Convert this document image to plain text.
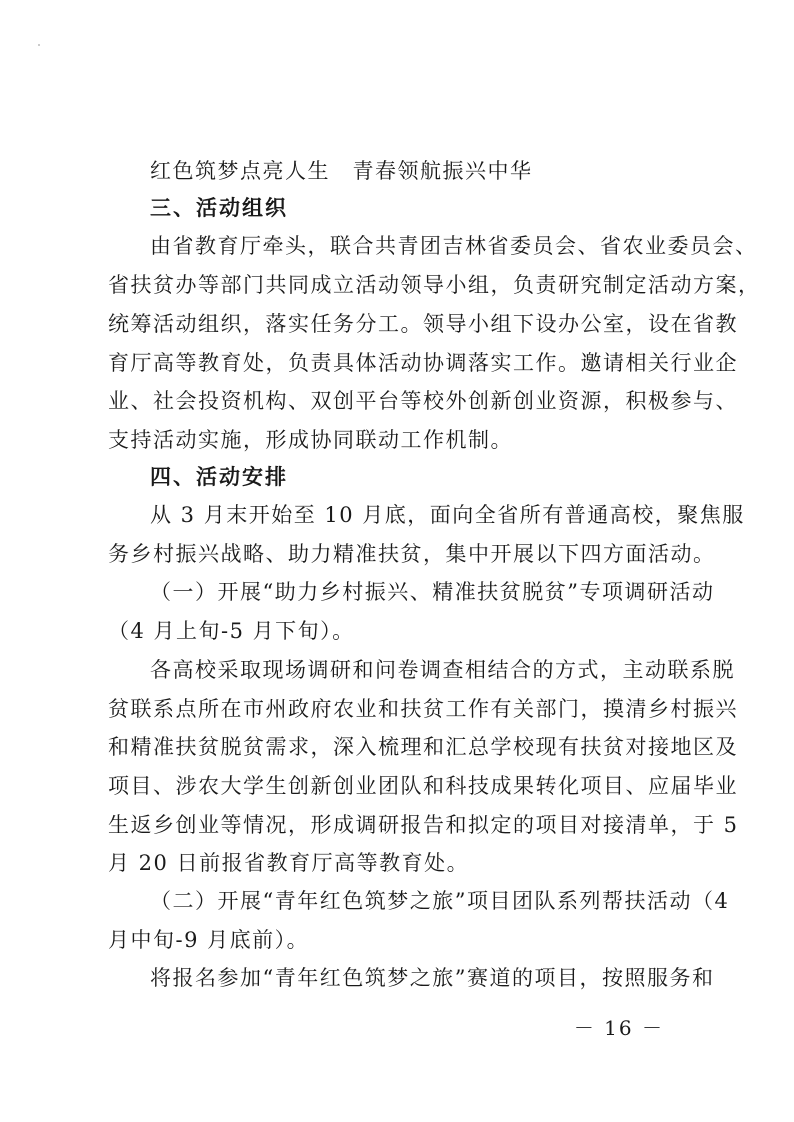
红色筑梦点亮人生　青春领航振兴中华
三、活动组织
由省教育厅牵头，联合共青团吉林省委员会、省农业委员会、
省扶贫办等部门共同成立活动领导小组，负责研究制定活动方案，
统筹活动组织，落实任务分工。领导小组下设办公室，设在省教
育厅高等教育处，负责具体活动协调落实工作。邀请相关行业企
业、社会投资机构、双创平台等校外创新创业资源，积极参与、
支持活动实施，形成协同联动工作机制。
四、活动安排
从 3 月末开始至 10 月底，面向全省所有普通高校，聚焦服
务乡村振兴战略、助力精准扶贫，集中开展以下四方面活动。
（一）开展“助力乡村振兴、精准扶贫脱贫”专项调研活动
（4 月上旬-5 月下旬）。
各高校采取现场调研和问卷调查相结合的方式，主动联系脱
贫联系点所在市州政府农业和扶贫工作有关部门，摸清乡村振兴
和精准扶贫脱贫需求，深入梳理和汇总学校现有扶贫对接地区及
项目、涉农大学生创新创业团队和科技成果转化项目、应届毕业
生返乡创业等情况，形成调研报告和拟定的项目对接清单，于 5
月 20 日前报省教育厅高等教育处。
（二）开展“青年红色筑梦之旅”项目团队系列帮扶活动（4
月中旬-9 月底前）。
将报名参加“青年红色筑梦之旅”赛道的项目，按照服务和
－ 16 －
